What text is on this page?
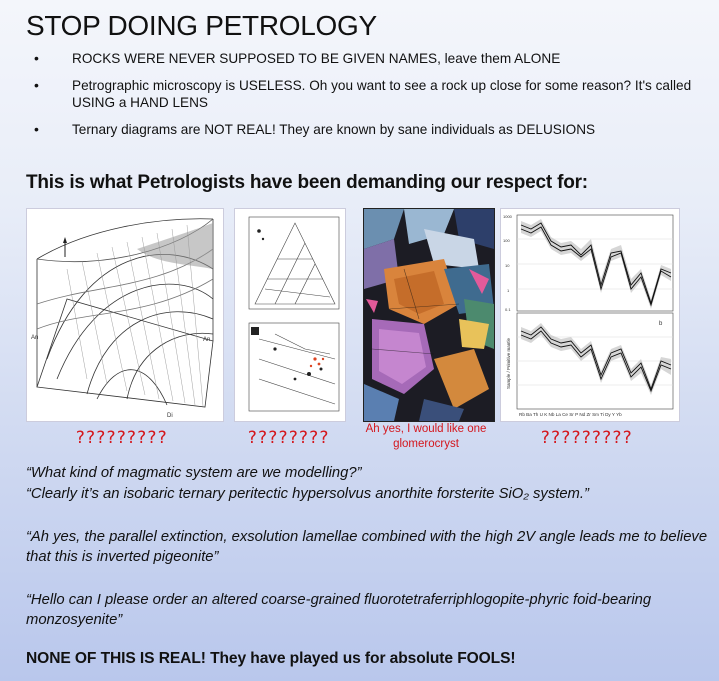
STOP DOING PETROLOGY
• ROCKS WERE NEVER SUPPOSED TO BE GIVEN NAMES, leave them ALONE
• Petrographic microscopy is USELESS. Oh you want to see a rock up close for some reason? It's called USING a HAND LENS
• Ternary diagrams are NOT REAL! They are known by sane individuals as DELUSIONS
This is what Petrologists have been demanding our respect for:
An	An
Di
b
1000
100
10
1
0.1
Sample / Primitive mantle
Rb Ba Th U K Nb La Ce Sr P Nd Zr Sm Ti Dy Y Yb
?????????	????????	Ah yes, I would like one glomerocryst	?????????
“What kind of magmatic system are we modelling?”
“Clearly it’s an isobaric ternary peritectic hypersolvus anorthite forsterite SiO₂ system.”
“Ah yes, the parallel extinction, exsolution lamellae combined with the high 2V angle leads me to believe that this is inverted pigeonite”
“Hello can I please order an altered coarse-grained fluorotetraferriphlogopite-phyric foid-bearing monzosyenite”
NONE OF THIS IS REAL! They have played us for absolute FOOLS!
